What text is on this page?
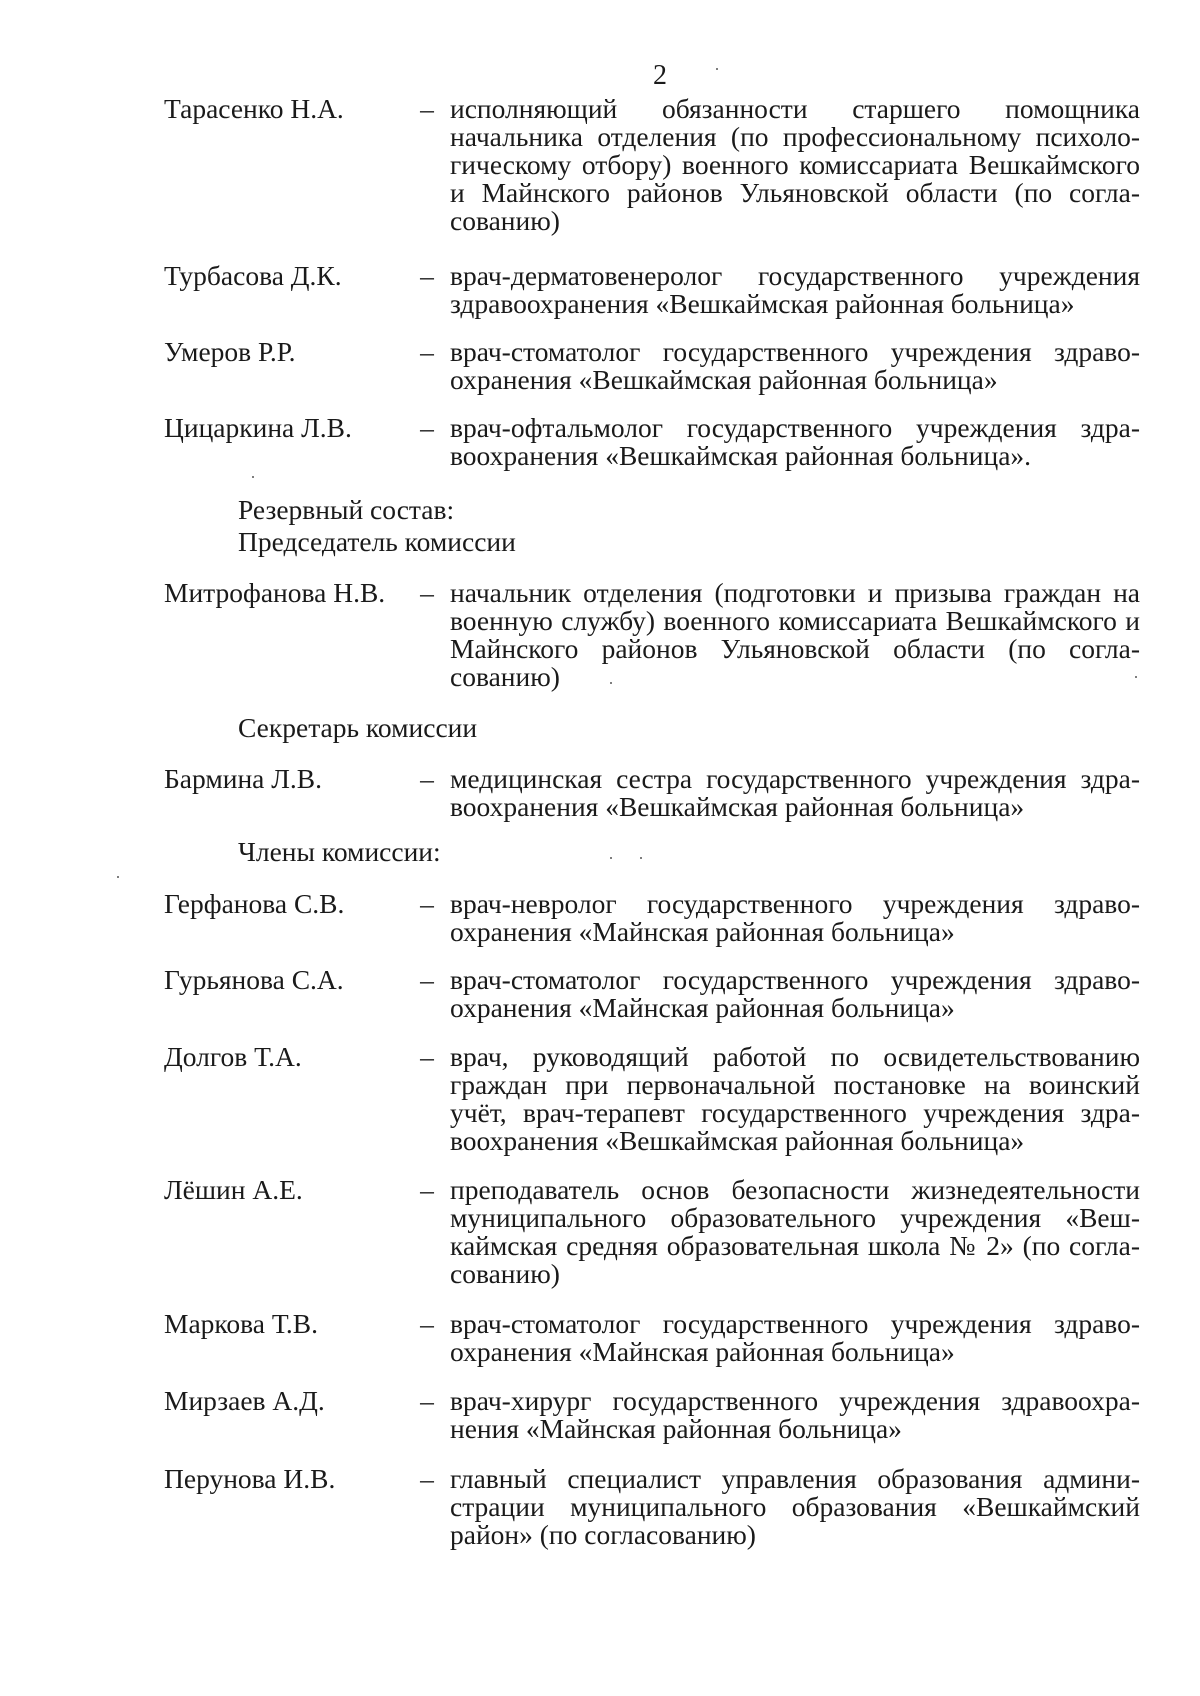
2
Тарасенко Н.А.	– исполняющий обязанности старшего помощника начальника отделения (по профессиональному психологическому отбору) военного комиссариата Вешкаймского и Майнского районов Ульяновской области (по согласованию)
Турбасова Д.К.	– врач-дерматовенеролог государственного учреждения здравоохранения «Вешкаймская районная больница»
Умеров Р.Р.	– врач-стоматолог государственного учреждения здравоохранения «Вешкаймская районная больница»
Цицаркина Л.В.	– врач-офтальмолог государственного учреждения здравоохранения «Вешкаймская районная больница».
Резервный состав:
Председатель комиссии
Митрофанова Н.В.	– начальник отделения (подготовки и призыва граждан на военную службу) военного комиссариата Вешкаймского и Майнского районов Ульяновской области (по согласованию)
Секретарь комиссии
Бармина Л.В.	– медицинская сестра государственного учреждения здравоохранения «Вешкаймская районная больница»
Члены комиссии:
Герфанова С.В.	– врач-невролог государственного учреждения здравоохранения «Майнская районная больница»
Гурьянова С.А.	– врач-стоматолог государственного учреждения здравоохранения «Майнская районная больница»
Долгов Т.А.	– врач, руководящий работой по освидетельствованию граждан при первоначальной постановке на воинский учёт, врач-терапевт государственного учреждения здравоохранения «Вешкаймская районная больница»
Лёшин А.Е.	– преподаватель основ безопасности жизнедеятельности муниципального образовательного учреждения «Вешкаймская средняя образовательная школа № 2» (по согласованию)
Маркова Т.В.	– врач-стоматолог государственного учреждения здравоохранения «Майнская районная больница»
Мирзаев А.Д.	– врач-хирург государственного учреждения здравоохранения «Майнская районная больница»
Перунова И.В.	– главный специалист управления образования администрации муниципального образования «Вешкаймский район» (по согласованию)
